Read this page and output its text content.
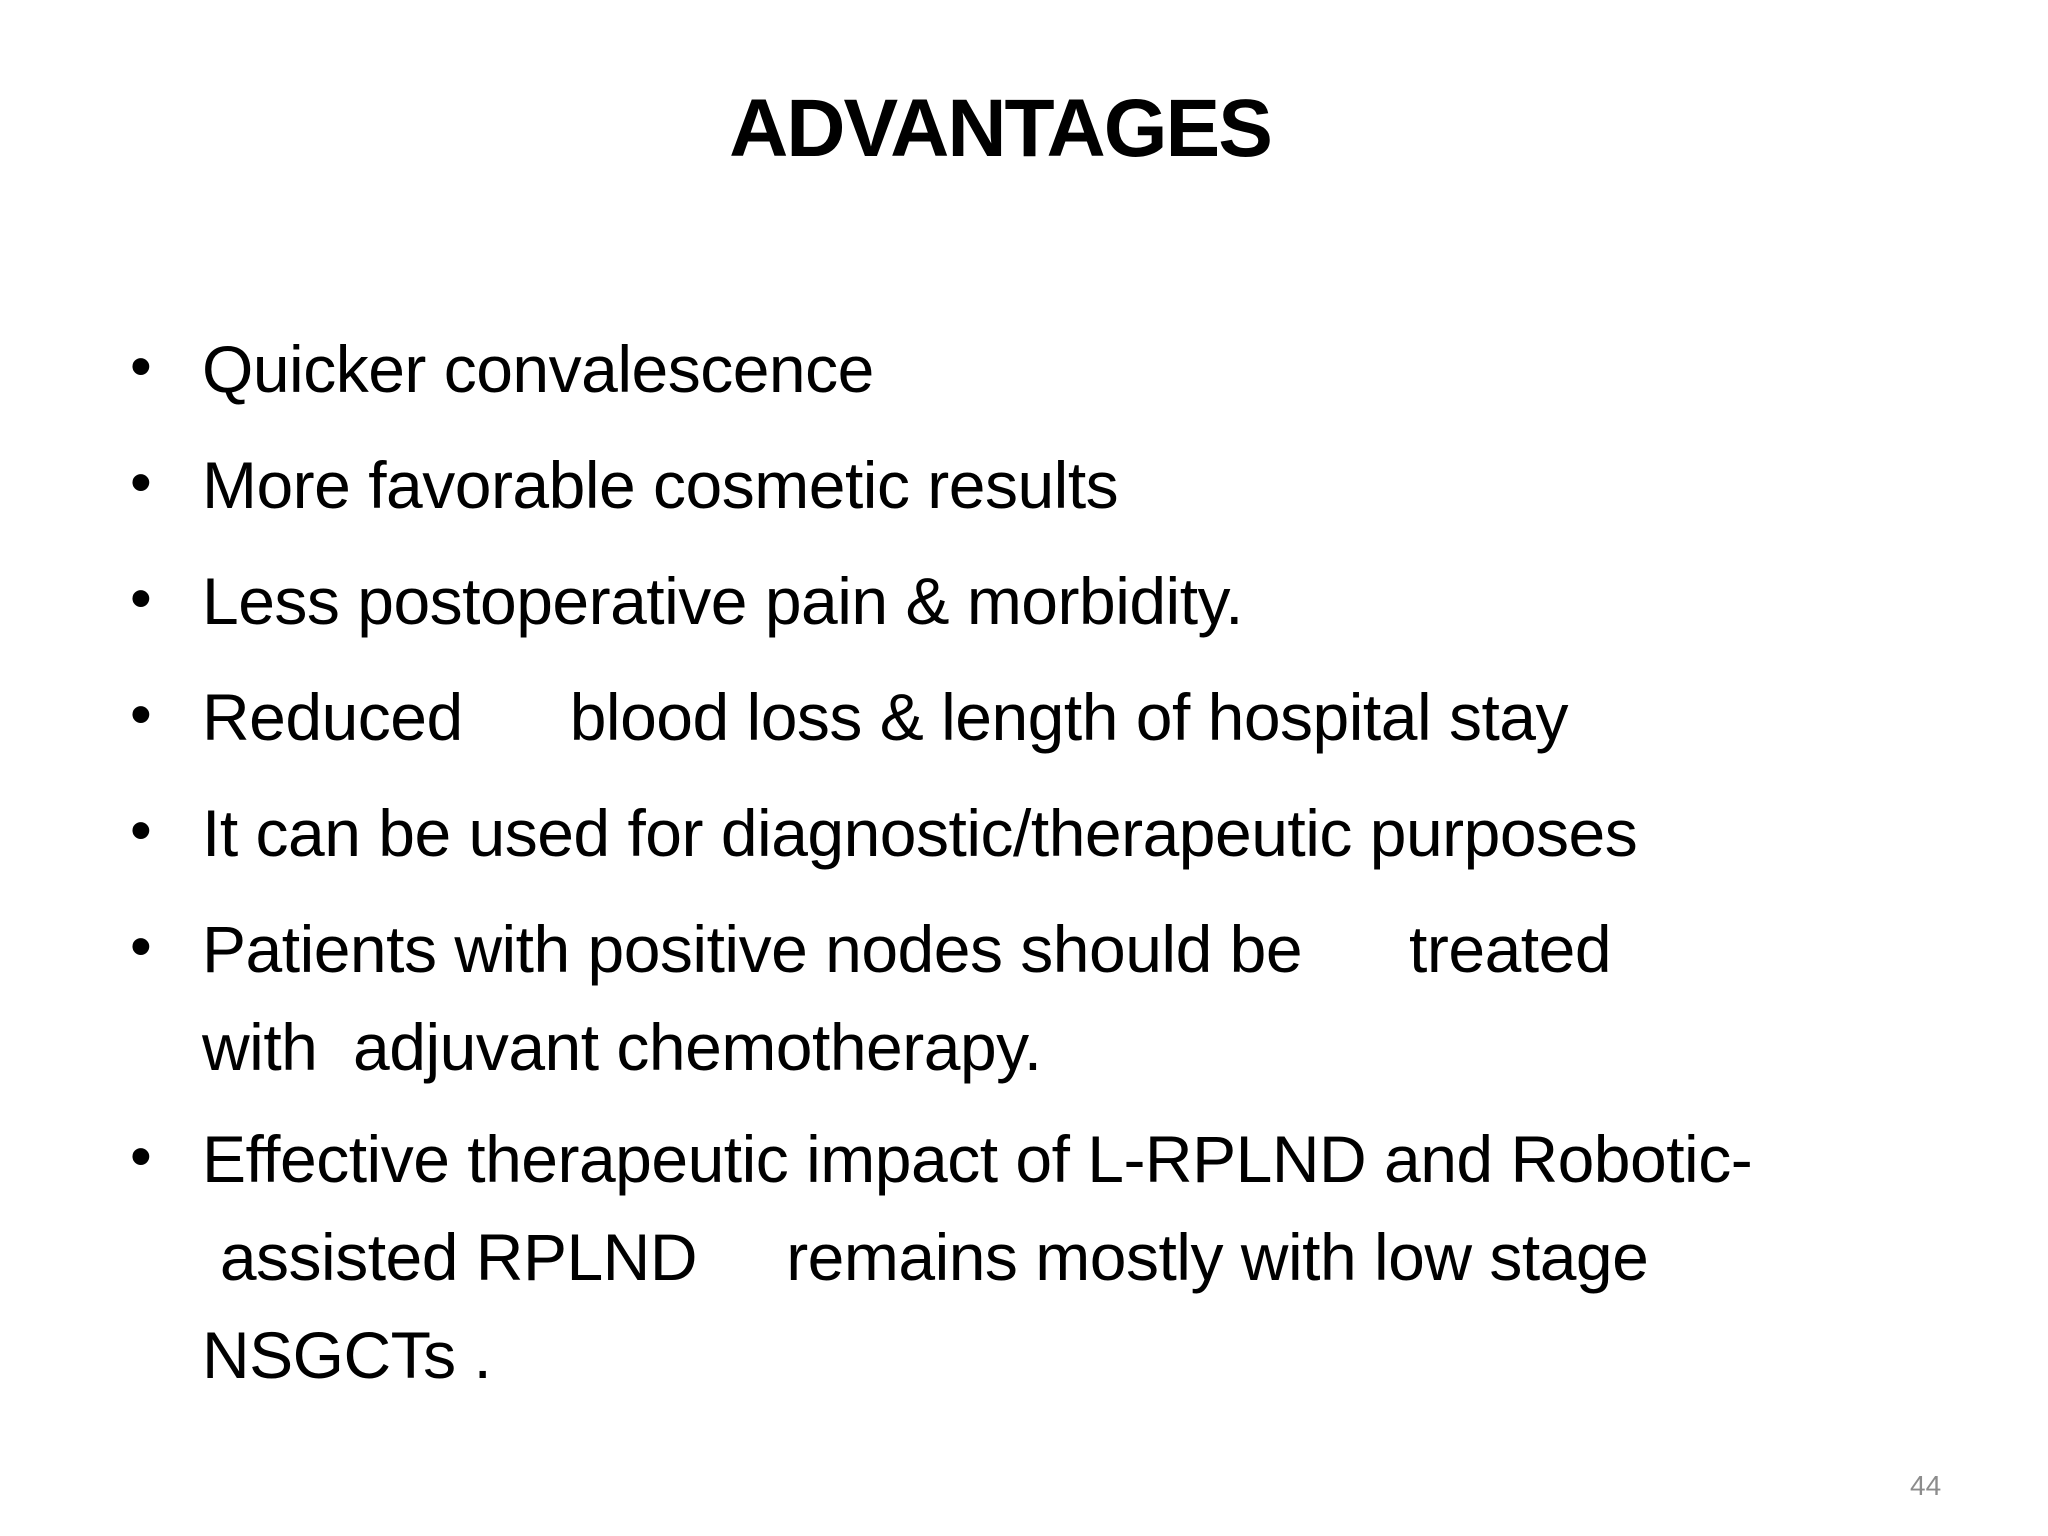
ADVANTAGES
• Quicker convalescence
• More favorable cosmetic results
• Less postoperative pain & morbidity.
• Reduced      blood loss & length of hospital stay
• It can be used for diagnostic/therapeutic purposes
• Patients with positive nodes should be      treated
with  adjuvant chemotherapy.
• Effective therapeutic impact of L-RPLND and Robotic-
assisted RPLND     remains mostly with low stage
NSGCTs .
44
